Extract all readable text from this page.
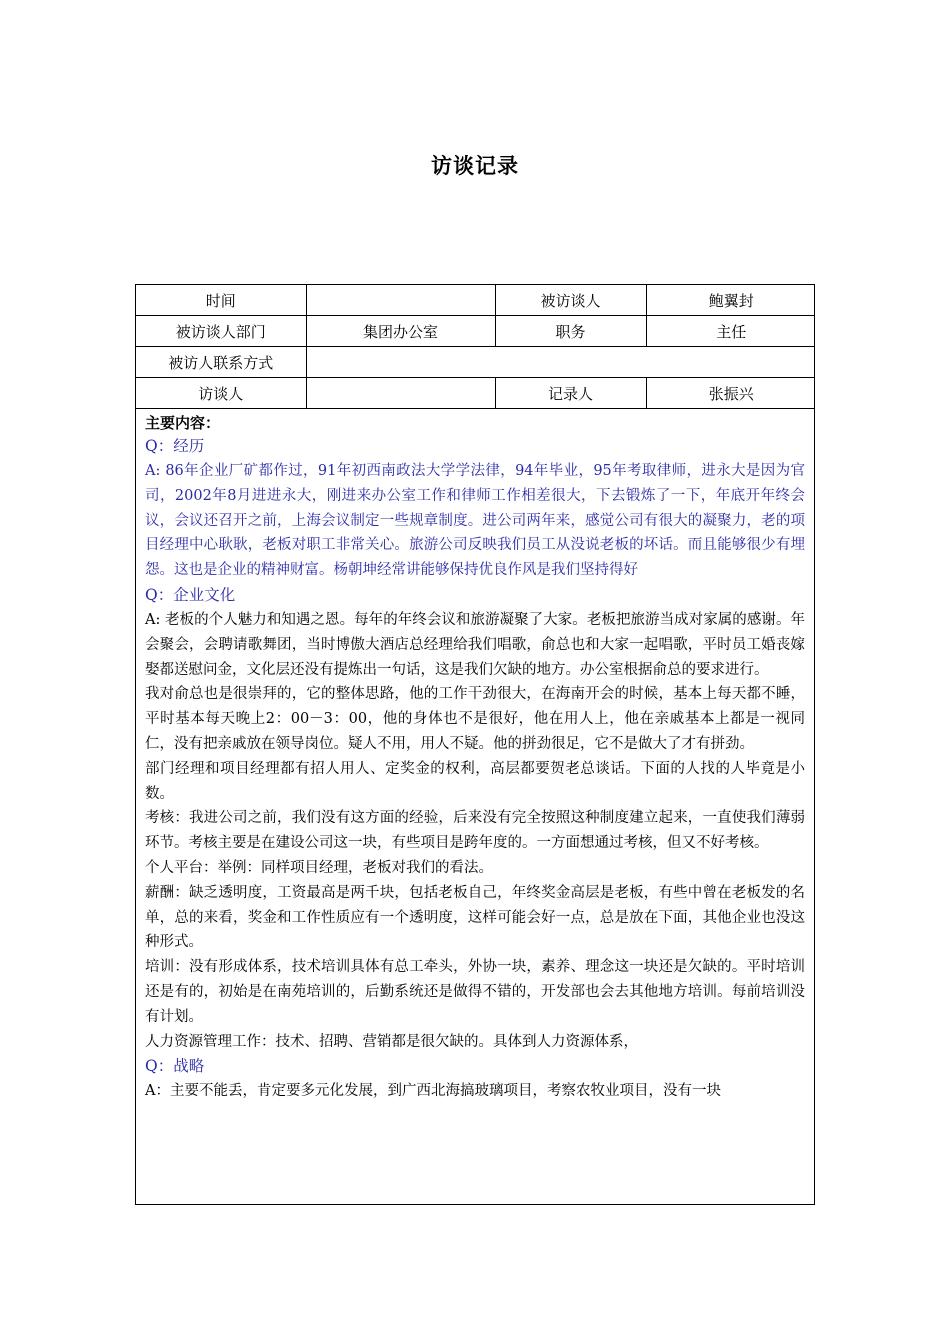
访谈记录
时间		被访谈人	鲍翼封
被访谈人部门	集团办公室	职务	主任
被访人联系方式			
访谈人		记录人	张振兴
主要内容：
Q：经历

A: 86年企业厂矿都作过，91年初西南政法大学学法律，94年毕业，95年考取律师，进永大是因为官司，2002年8月进进永大，刚进来办公室工作和律师工作相差很大，下去锻炼了一下，年底开年终会议，会议还召开之前，上海会议制定一些规章制度。进公司两年来，感觉公司有很大的凝聚力，老的项目经理中心耿耿，老板对职工非常关心。旅游公司反映我们员工从没说老板的坏话。而且能够很少有埋怨。这也是企业的精神财富。杨朝坤经常讲能够保持优良作风是我们坚持得好

Q：企业文化

A: 老板的个人魅力和知遇之恩。每年的年终会议和旅游凝聚了大家。老板把旅游当成对家属的感谢。年会聚会，会聘请歌舞团，当时博傲大酒店总经理给我们唱歌，俞总也和大家一起唱歌，平时员工婚丧嫁娶都送慰问金，文化层还没有提炼出一句话，这是我们欠缺的地方。办公室根据俞总的要求进行。

我对俞总也是很崇拜的，它的整体思路，他的工作干劲很大，在海南开会的时候，基本上每天都不睡，平时基本每天晚上2：00－3：00，他的身体也不是很好，他在用人上，他在亲戚基本上都是一视同仁，没有把亲戚放在领导岗位。疑人不用，用人不疑。他的拼劲很足，它不是做大了才有拼劲。

部门经理和项目经理都有招人用人、定奖金的权利，高层都要贺老总谈话。下面的人找的人毕竟是小数。

考核：我进公司之前，我们没有这方面的经验，后来没有完全按照这种制度建立起来，一直使我们薄弱环节。考核主要是在建设公司这一块，有些项目是跨年度的。一方面想通过考核，但又不好考核。

个人平台：举例：同样项目经理，老板对我们的看法。

薪酬：缺乏透明度，工资最高是两千块，包括老板自己，年终奖金高层是老板，有些中曾在老板发的名单，总的来看，奖金和工作性质应有一个透明度，这样可能会好一点，总是放在下面，其他企业也没这种形式。

培训：没有形成体系，技术培训具体有总工牵头，外协一块，素养、理念这一块还是欠缺的。平时培训还是有的，初始是在南苑培训的，后勤系统还是做得不错的，开发部也会去其他地方培训。每前培训没有计划。

人力资源管理工作：技术、招聘、营销都是很欠缺的。具体到人力资源体系，

Q：战略

A：主要不能丢，肯定要多元化发展，到广西北海搞玻璃项目，考察农牧业项目，没有一块
